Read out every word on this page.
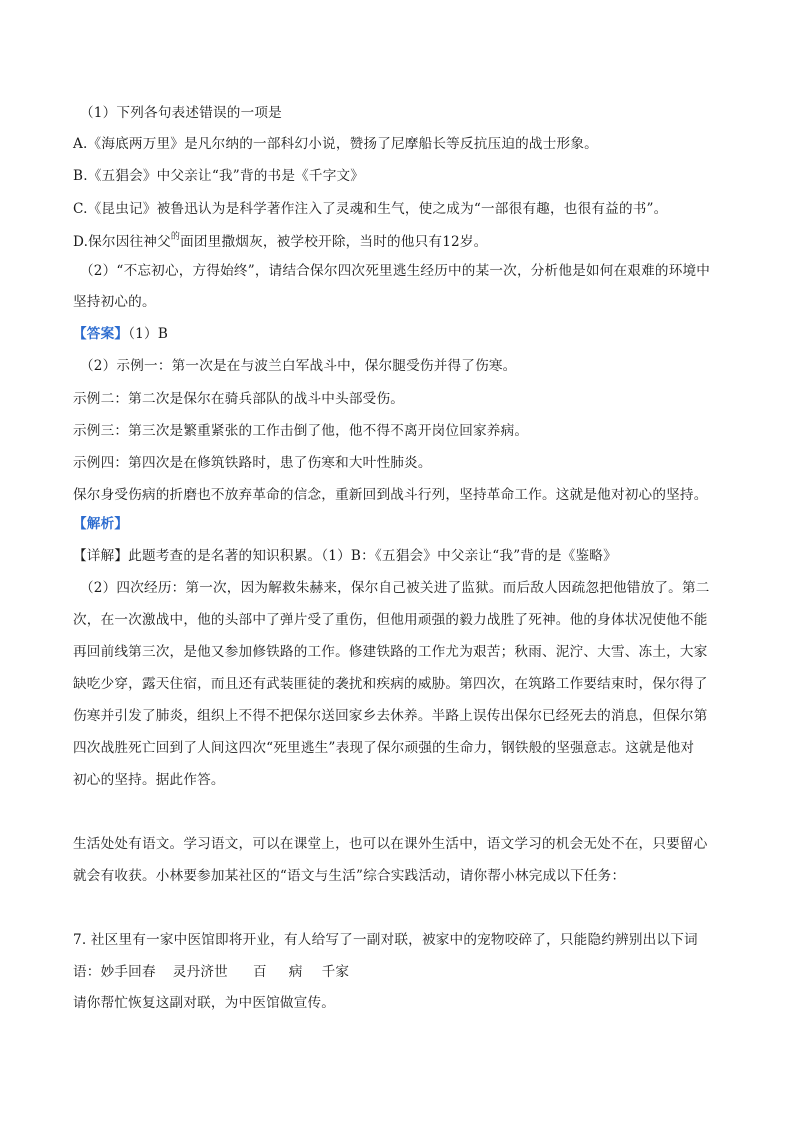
（1）下列各句表述错误的一项是
A.《海底两万里》是凡尔纳的一部科幻小说，赞扬了尼摩船长等反抗压迫的战士形象。
B.《五猖会》中父亲让“我”背的书是《千字文》
C.《昆虫记》被鲁迅认为是科学著作注入了灵魂和生气，使之成为“一部很有趣，也很有益的书”。
D.保尔因往神父$^的$面团里撒烟灰，被学校开除，当时的他只有12岁。
（2）“不忘初心，方得始终”，请结合保尔四次死里逃生经历中的某一次，分析他是如何在艰难的环境中
坚持初心的。
【答案】（1）B
（2）示例一：第一次是在与波兰白军战斗中，保尔腿受伤并得了伤寒。
示例二：第二次是保尔在骑兵部队的战斗中头部受伤。
示例三：第三次是繁重紧张的工作击倒了他，他不得不离开岗位回家养病。
示例四：第四次是在修筑铁路时，患了伤寒和大叶性肺炎。
保尔身受伤病的折磨也不放弃革命的信念，重新回到战斗行列，坚持革命工作。这就是他对初心的坚持。
【解析】
【详解】此题考查的是名著的知识积累。（1）B：《五猖会》中父亲让“我”背的是《鉴略》
（2）四次经历：第一次，因为解救朱赫来，保尔自己被关进了监狱。而后敌人因疏忽把他错放了。第二
次，在一次激战中，他的头部中了弹片受了重伤，但他用顽强的毅力战胜了死神。他的身体状况使他不能
再回前线第三次，是他又参加修铁路的工作。修建铁路的工作尤为艰苦；秋雨、泥泞、大雪、冻土，大家
缺吃少穿，露天住宿，而且还有武装匪徒的袭扰和疾病的威胁。第四次，在筑路工作要结束时，保尔得了
伤寒并引发了肺炎，组织上不得不把保尔送回家乡去休养。半路上误传出保尔已经死去的消息，但保尔第
四次战胜死亡回到了人间这四次“死里逃生”表现了保尔顽强的生命力，钢铁般的坚强意志。这就是他对
初心的坚持。据此作答。
生活处处有语文。学习语文，可以在课堂上，也可以在课外生活中，语文学习的机会无处不在，只要留心
就会有收获。小林要参加某社区的“语文与生活”综合实践活动，请你帮小林完成以下任务：
7. 社区里有一家中医馆即将开业，有人给写了一副对联，被家中的宠物咬碎了，只能隐约辨别出以下词
语：妙手回春 灵丹济世 百 病 千家
请你帮忙恢复这副对联，为中医馆做宣传。
